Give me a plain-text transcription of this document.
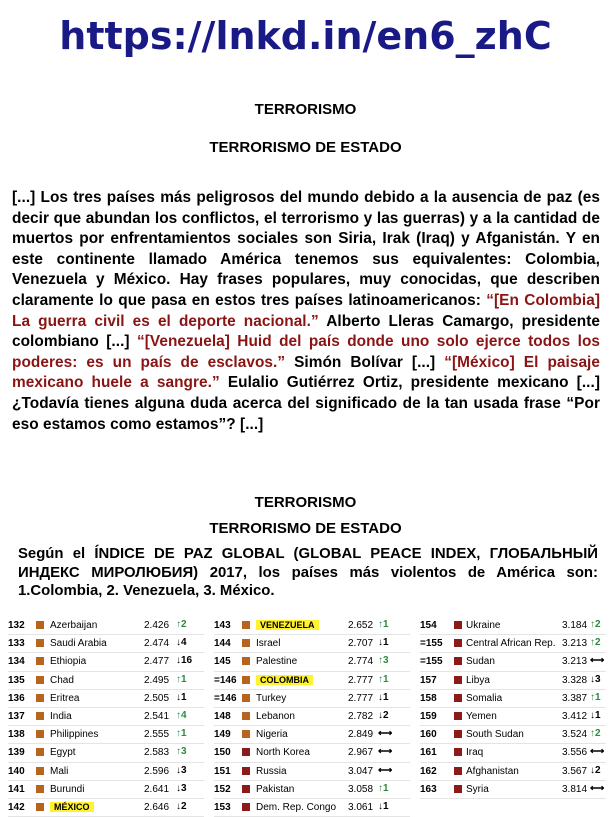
https://lnkd.in/en6_zhC
TERRORISMO
TERRORISMO DE ESTADO
[...] Los tres países más peligrosos del mundo debido a la ausencia de paz (es decir que abundan los conflictos, el terrorismo y las guerras) y a la cantidad de muertos por enfrentamientos sociales son Siria, Irak (Iraq) y Afganistán. Y en este continente llamado América tenemos sus equivalentes: Colombia, Venezuela y México. Hay frases populares, muy conocidas, que describen claramente lo que pasa en estos tres países latinoamericanos: “[En Colombia] La guerra civil es el deporte nacional.” Alberto Lleras Camargo, presidente colombiano [...] “[Venezuela] Huid del país donde uno solo ejerce todos los poderes: es un país de esclavos.” Simón Bolívar [...] “[México] El paisaje mexicano huele a sangre.” Eulalio Gutiérrez Ortiz, presidente mexicano [...] ¿Todavía tienes alguna duda acerca del significado de la tan usada frase “Por eso estamos como estamos”? [...]
TERRORISMO
TERRORISMO DE ESTADO
Según el ÍNDICE DE PAZ GLOBAL (GLOBAL PEACE INDEX, ГЛОБАЛЬНЫЙ ИНДЕКС МИРОЛЮБИЯ) 2017, los países más violentos de América son: 1.Colombia, 2. Venezuela, 3. México.
132	Azerbaijan	2.426 ↑2
133	Saudi Arabia	2.474 ↓4
134	Ethiopia	2.477 ↓16
135	Chad	2.495 ↑1
136	Eritrea	2.505 ↓1
137	India	2.541 ↑4
138	Philippines	2.555 ↑1
139	Egypt	2.583 ↑3
140	Mali	2.596 ↓3
141	Burundi	2.641 ↓3
142	MÉXICO	2.646 ↓2
143	VENEZUELA	2.652 ↑1
144	Israel	2.707 ↓1
145	Palestine	2.774 ↑3
=146	COLOMBIA	2.777 ↑1
=146 Turkey	2.777 ↓1
148	Lebanon	2.782 ↓2
149	Nigeria	2.849 ⟷
150	North Korea	2.967 ⟷
151	Russia	3.047 ⟷
152	Pakistan	3.058 ↑1
153	Dem. Rep. Congo 3.061 ↓1
154	Ukraine	3.184 ↑2
=155 Central African Rep. 3.213 ↑2
=155 Sudan	3.213 ⟷
157	Libya	3.328 ↓3
158	Somalia	3.387 ↑1
159	Yemen	3.412 ↓1
160	South Sudan	3.524 ↑2
161	Iraq	3.556 ⟷
162	Afghanistan	3.567 ↓2
163	Syria	3.814 ⟷
